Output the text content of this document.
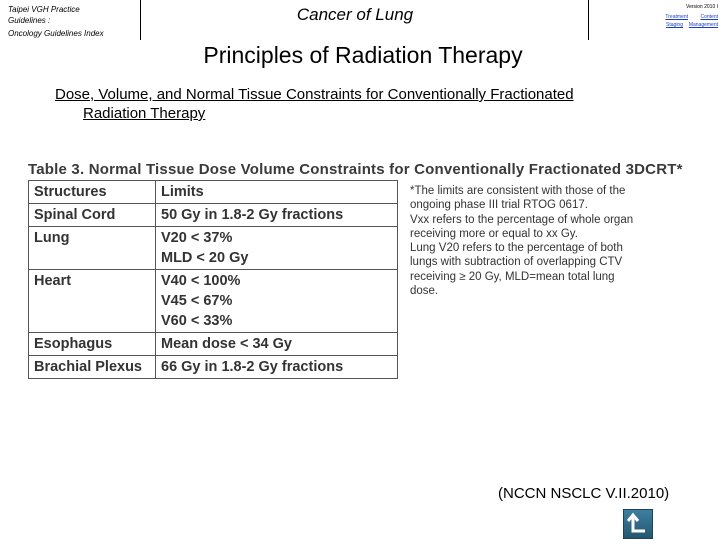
Taipei VGH Practice
Guidelines :
Oncology Guidelines Index
Cancer of Lung	Version 2010 I
Treatment Content
Staging Management
Principles of Radiation Therapy
Dose, Volume, and Normal Tissue Constraints for Conventionally Fractionated
Radiation Therapy
Table 3. Normal Tissue Dose Volume Constraints for Conventionally Fractionated 3DCRT*
Structures	Limits
Spinal Cord	50 Gy in 1.8-2 Gy fractions

Lung	V20 < 37%
MLD < 20 Gy

Heart	V40 < 100%
V45 < 67%
V60 < 33%

Esophagus	Mean dose < 34 Gy

Brachial Plexus	66 Gy in 1.8-2 Gy fractions
*The limits are consistent with those of the ongoing phase III trial RTOG 0617.
Vxx refers to the percentage of whole organ receiving more or equal to xx Gy.
Lung V20 refers to the percentage of both lungs with subtraction of overlapping CTV receiving ≥ 20 Gy, MLD=mean total lung dose.
(NCCN NSCLC V.II.2010)
